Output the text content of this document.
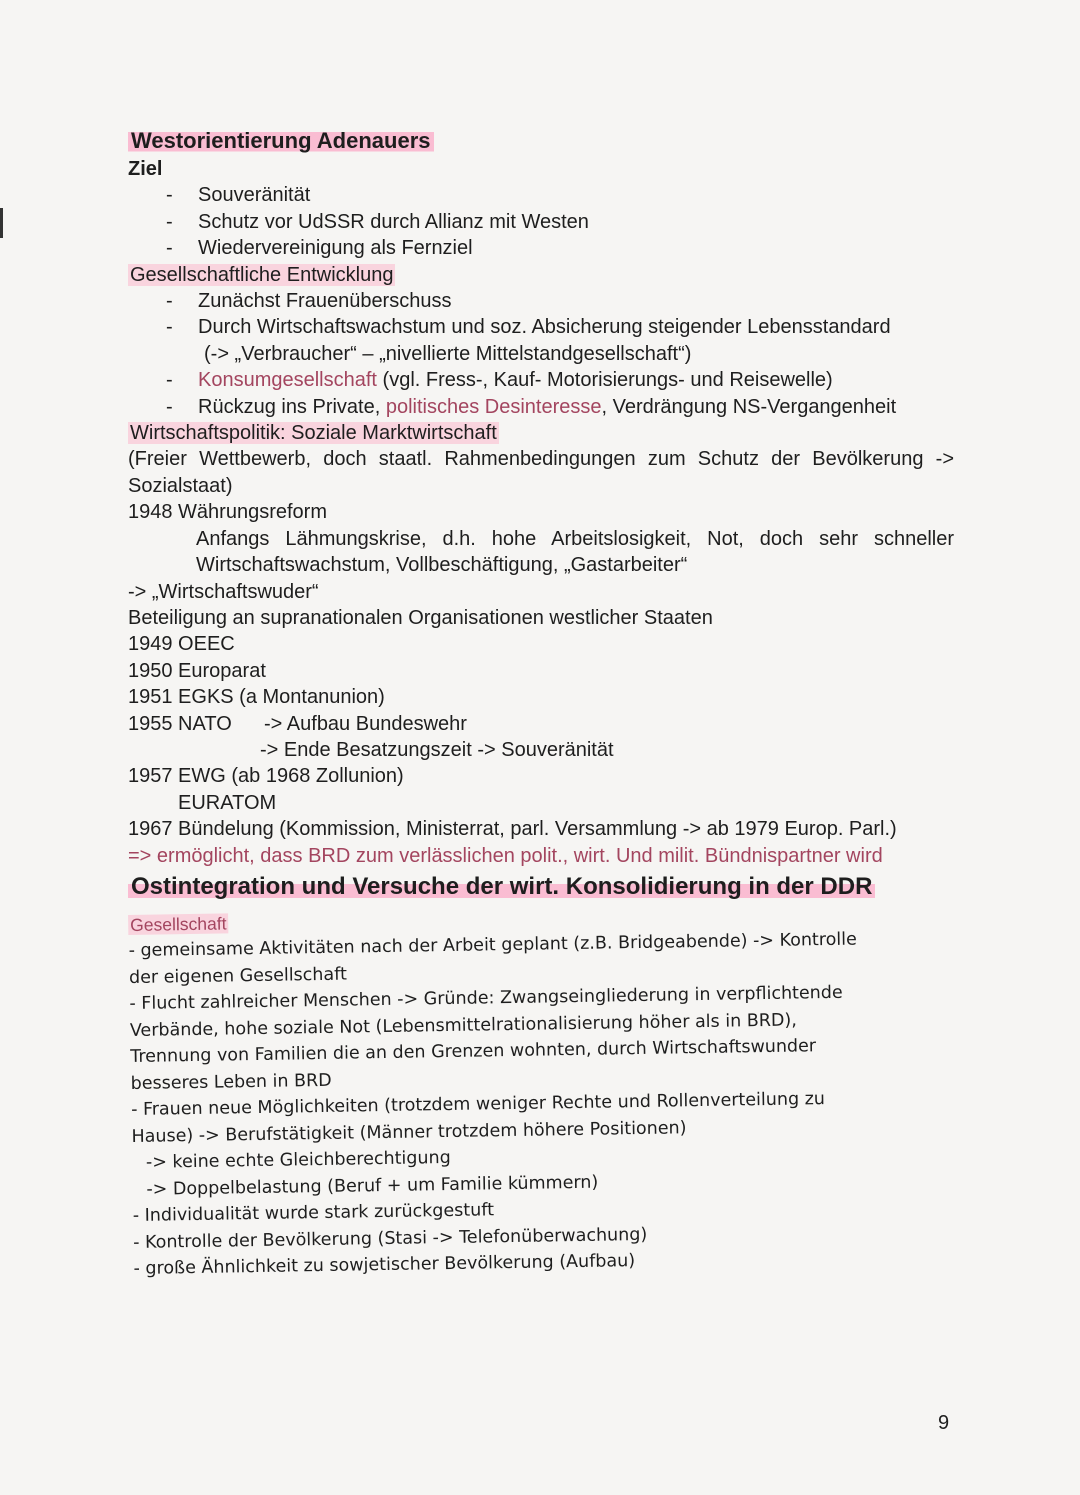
Westorientierung Adenauers
Ziel
- Souveränität
- Schutz vor UdSSR durch Allianz mit Westen
- Wiedervereinigung als Fernziel
Gesellschaftliche Entwicklung
- Zunächst Frauenüberschuss
- Durch Wirtschaftswachstum und soz. Absicherung steigender Lebensstandard
(-> „Verbraucher“ – „nivellierte Mittelstandgesellschaft“)
- Konsumgesellschaft (vgl. Fress-, Kauf- Motorisierungs- und Reisewelle)
- Rückzug ins Private, politisches Desinteresse, Verdrängung NS-Vergangenheit
Wirtschaftspolitik: Soziale Marktwirtschaft
(Freier Wettbewerb, doch staatl. Rahmenbedingungen zum Schutz der Bevölkerung -> Sozialstaat)
1948 Währungsreform
Anfangs Lähmungskrise, d.h. hohe Arbeitslosigkeit, Not, doch sehr schneller Wirtschaftswachstum, Vollbeschäftigung, „Gastarbeiter“
-> „Wirtschaftswuder“
Beteiligung an supranationalen Organisationen westlicher Staaten
1949 OEEC
1950 Europarat
1951 EGKS (a Montanunion)
1955 NATO -> Aufbau Bundeswehr
-> Ende Besatzungszeit -> Souveränität
1957 EWG (ab 1968 Zollunion)
EURATOM
1967 Bündelung (Kommission, Ministerrat, parl. Versammlung -> ab 1979 Europ. Parl.)
=> ermöglicht, dass BRD zum verlässlichen polit., wirt. Und milit. Bündnispartner wird
Ostintegration und Versuche der wirt. Konsolidierung in der DDR
Gesellschaft
- gemeinsame Aktivitäten nach der Arbeit geplant (z.B. Bridgeabende) -> Kontrolle
der eigenen Gesellschaft
- Flucht zahlreicher Menschen -> Gründe: Zwangseingliederung in verpflichtende
Verbände, hohe soziale Not (Lebensmittelrationalisierung höher als in BRD),
Trennung von Familien die an den Grenzen wohnten, durch Wirtschaftswunder
besseres Leben in BRD
- Frauen neue Möglichkeiten (trotzdem weniger Rechte und Rollenverteilung zu
Hause) -> Berufstätigkeit (Männer trotzdem höhere Positionen)
-> keine echte Gleichberechtigung
-> Doppelbelastung (Beruf + um Familie kümmern)
- Individualität wurde stark zurückgestuft
- Kontrolle der Bevölkerung (Stasi -> Telefonüberwachung)
- große Ähnlichkeit zu sowjetischer Bevölkerung (Aufbau)
9
